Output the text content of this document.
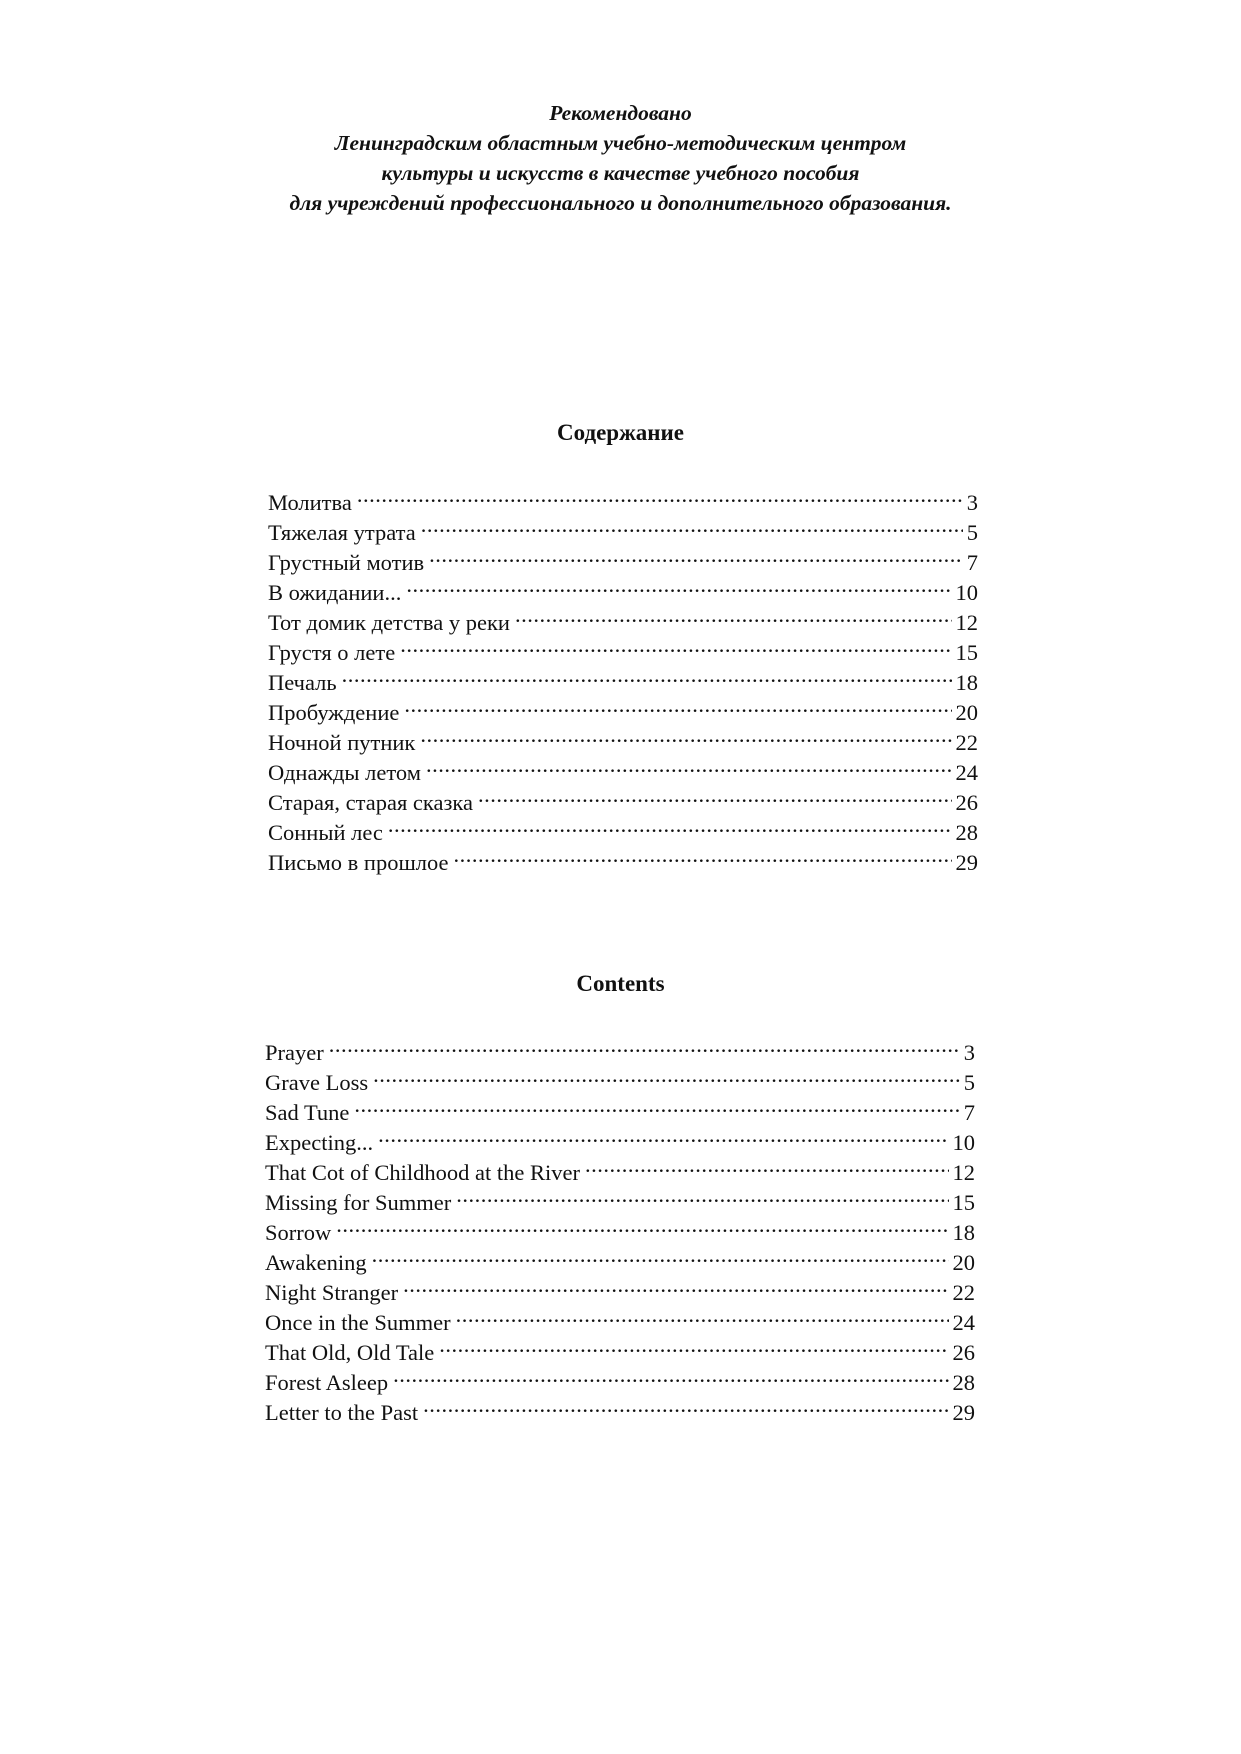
Рекомендовано
Ленинградским областным учебно-методическим центром
культуры и искусств в качестве учебного пособия
для учреждений профессионального и дополнительного образования.
Содержание
Молитва .....	3
Тяжелая утрата .....	5
Грустный мотив .....	7
В ожидании... .....	10
Тот домик детства у реки .....	12
Грустя о лете .....	15
Печаль .....	18
Пробуждение .....	20
Ночной путник .....	22
Однажды летом .....	24
Старая, старая сказка .....	26
Сонный лес .....	28
Письмо в прошлое .....	29
Contents
Prayer .....	3
Grave Loss .....	5
Sad Tune .....	7
Expecting... .....	10
That Cot of Childhood at the River .....	12
Missing for Summer .....	15
Sorrow .....	18
Awakening .....	20
Night Stranger .....	22
Once in the Summer .....	24
That Old, Old Tale .....	26
Forest Asleep .....	28
Letter to the Past .....	29
